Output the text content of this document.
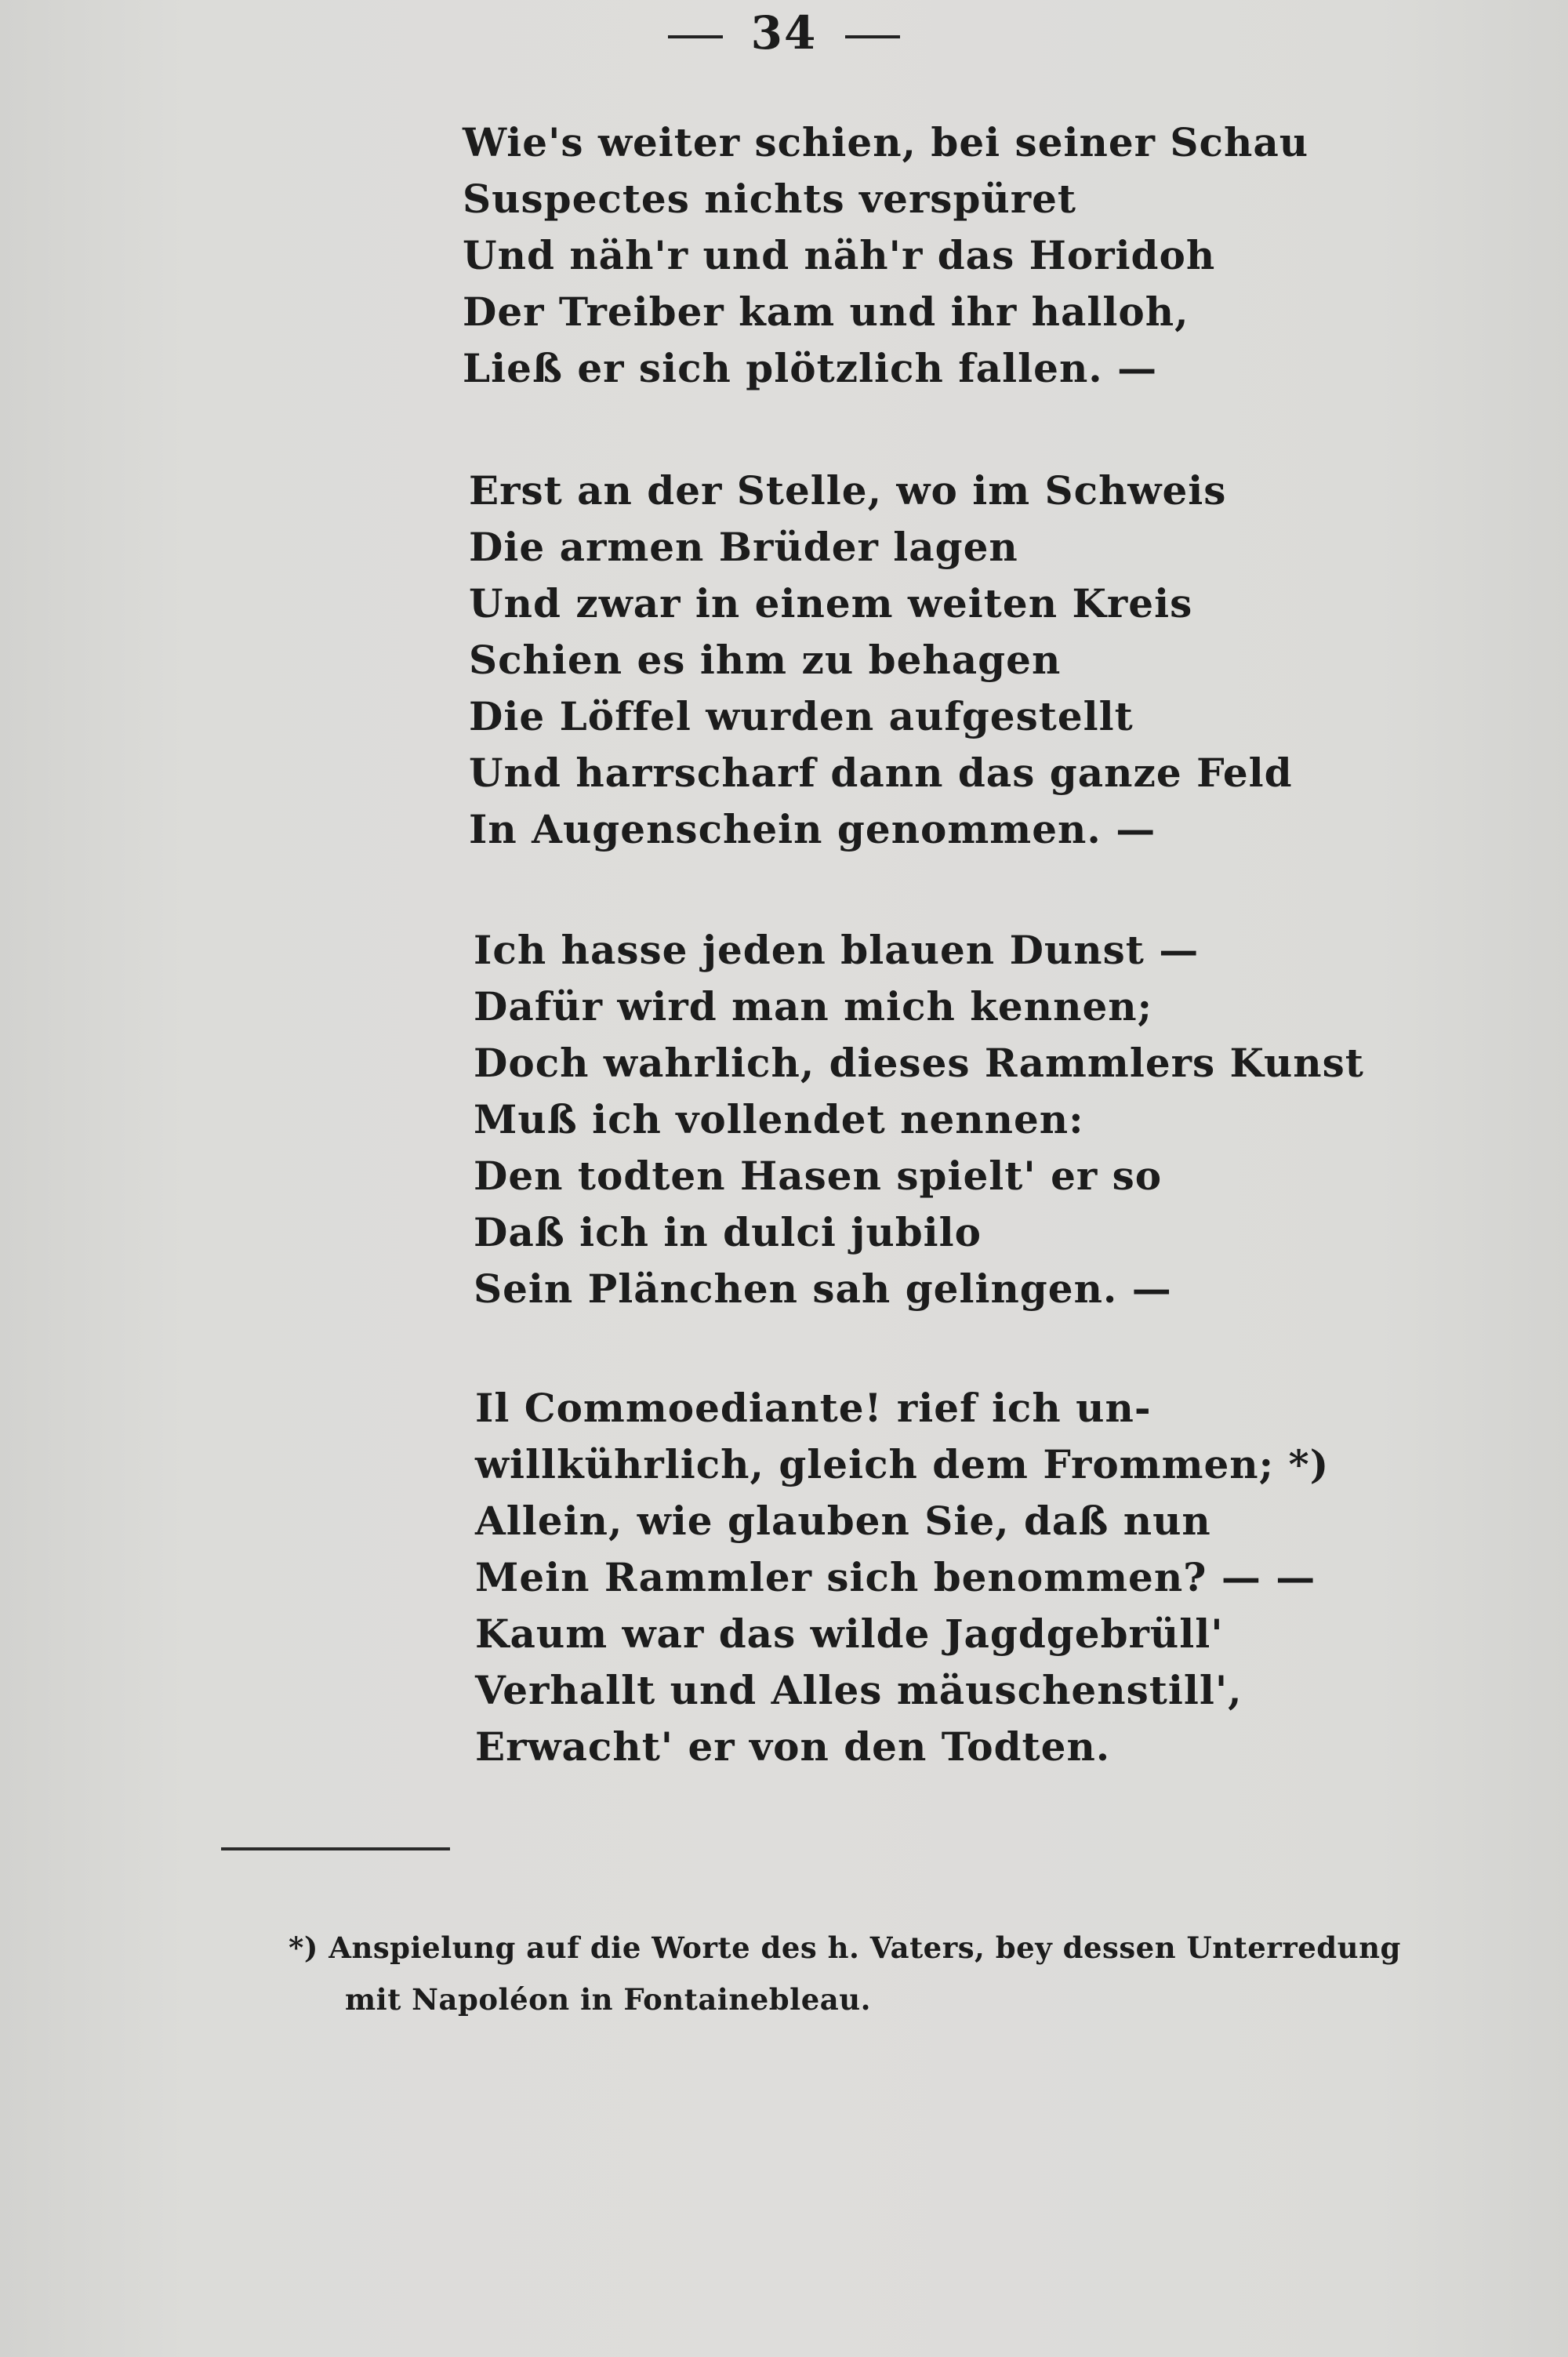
34
Wie's weiter schien, bei seiner Schau
Suspectes nichts verspüret
Und näh'r und näh'r das Horidoh
Der Treiber kam und ihr halloh,
Ließ er sich plötzlich fallen. —
Erst an der Stelle, wo im Schweis
Die armen Brüder lagen
Und zwar in einem weiten Kreis
Schien es ihm zu behagen
Die Löffel wurden aufgestellt
Und harrscharf dann das ganze Feld
In Augenschein genommen. —
Ich hasse jeden blauen Dunst —
Dafür wird man mich kennen;
Doch wahrlich, dieses Rammlers Kunst
Muß ich vollendet nennen:
Den todten Hasen spielt' er so
Daß ich in dulci jubilo
Sein Plänchen sah gelingen. —
Il Commoediante! rief ich un-
willkührlich, gleich dem Frommen; *)
Allein, wie glauben Sie, daß nun
Mein Rammler sich benommen? — —
Kaum war das wilde Jagdgebrüll'
Verhallt und Alles mäuschenstill',
Erwacht' er von den Todten.
*) Anspielung auf die Worte des h. Vaters, bey dessen Unterredung
mit Napoléon in Fontainebleau.
